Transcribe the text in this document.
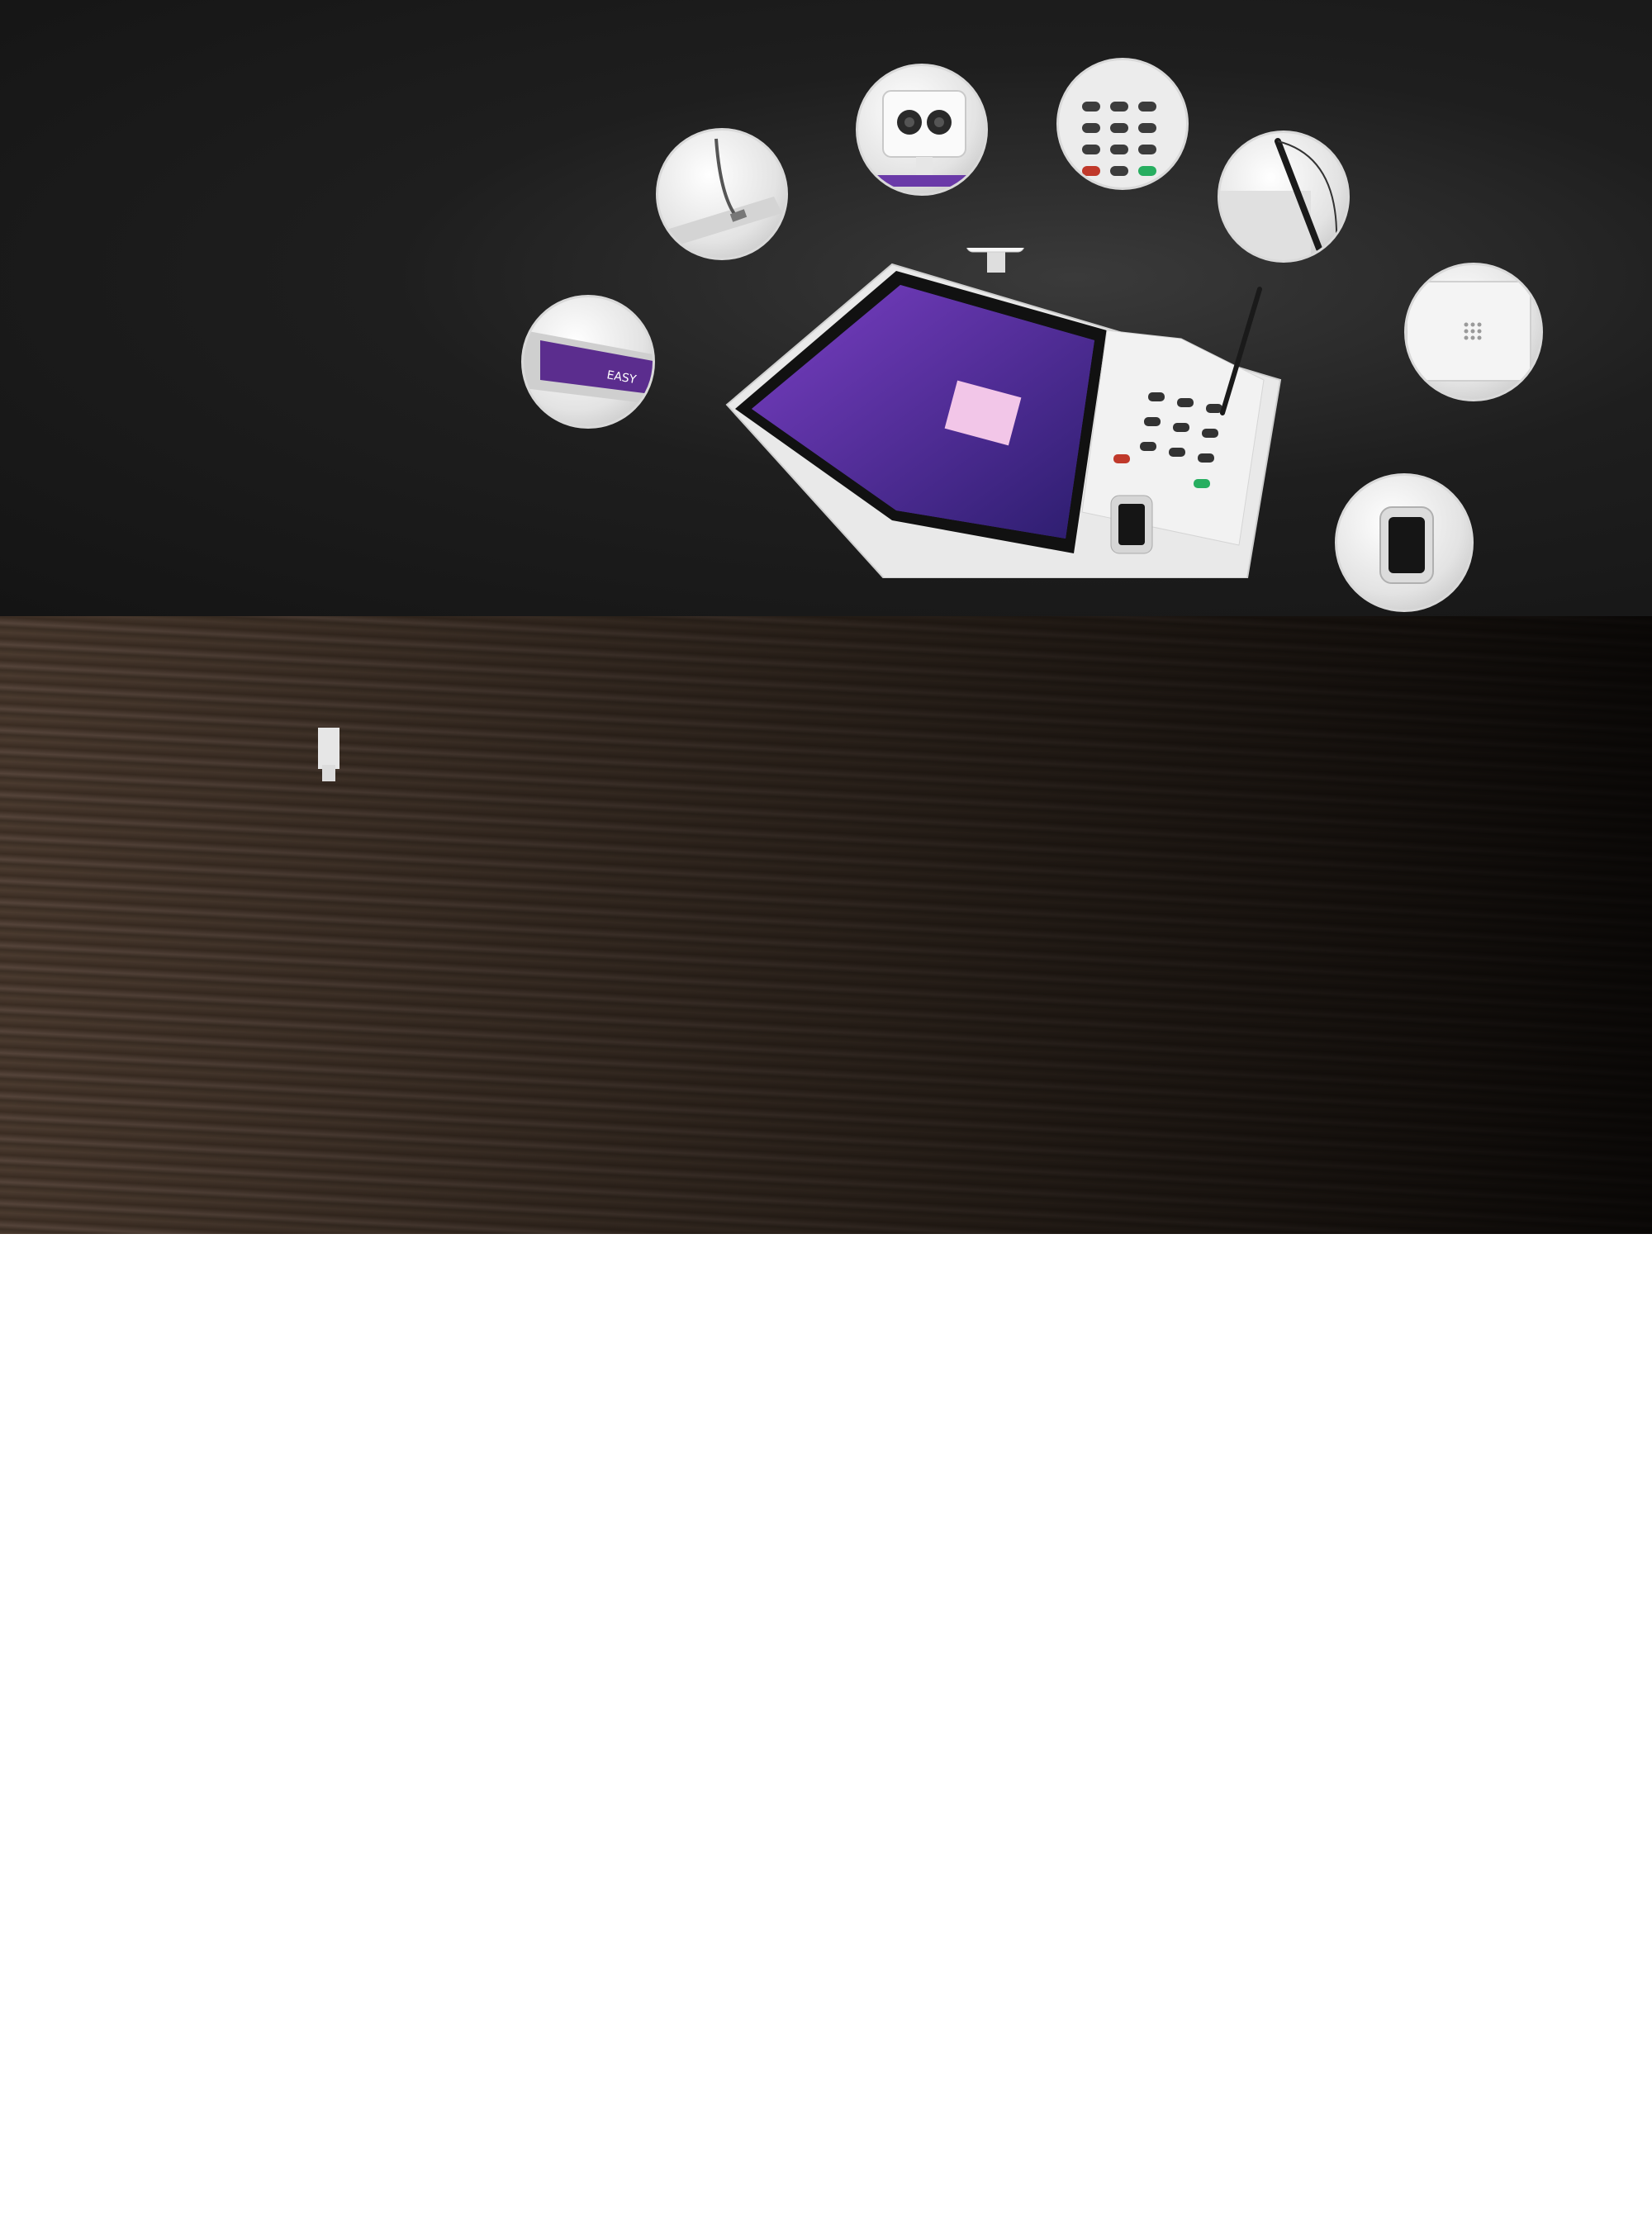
EASY
